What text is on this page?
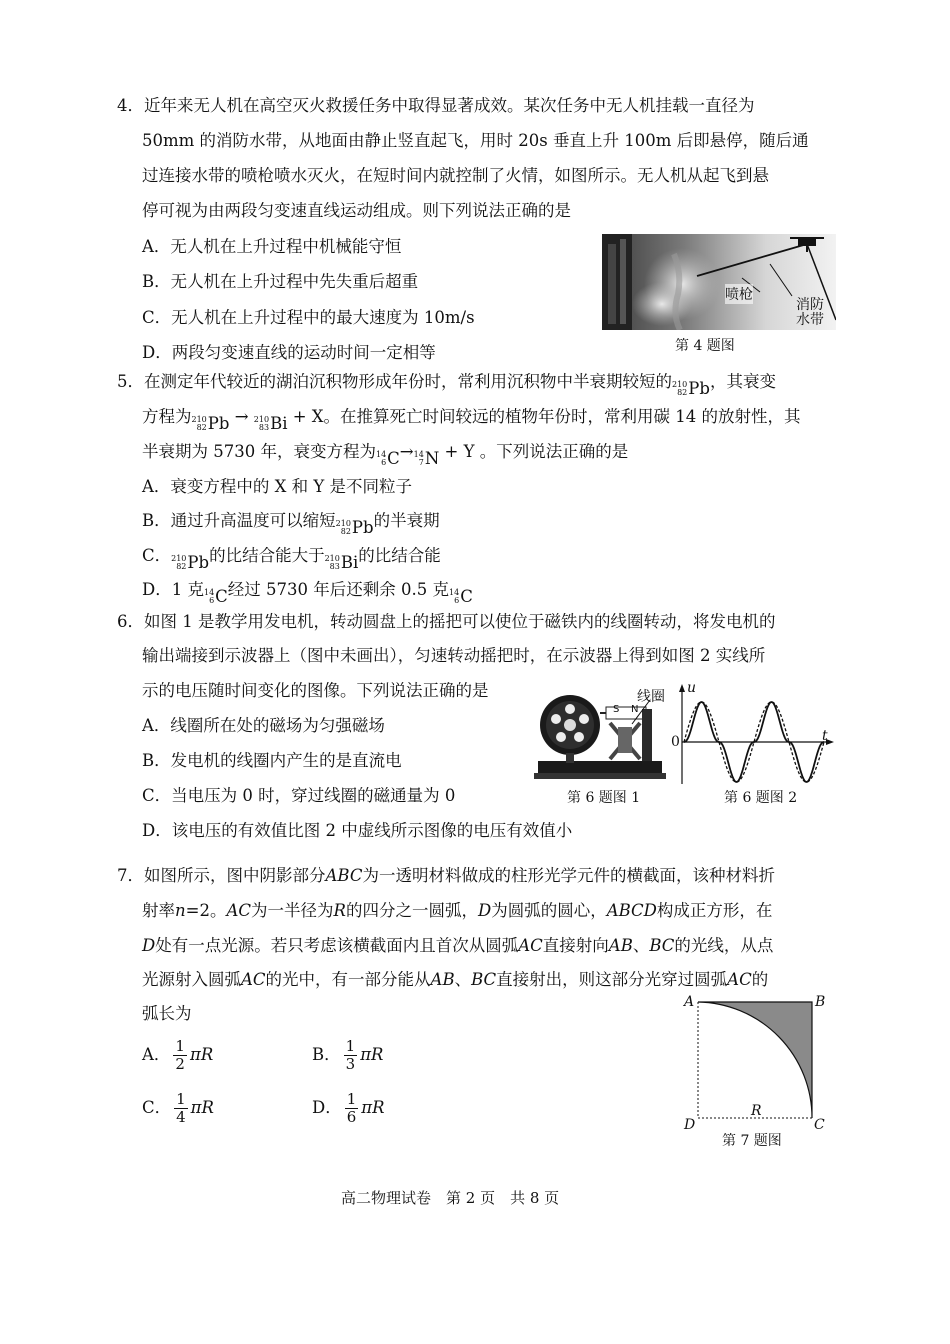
4．近年来无人机在高空灭火救援任务中取得显著成效。某次任务中无人机挂载一直径为
50mm 的消防水带，从地面由静止竖直起飞，用时 20s 垂直上升 100m 后即悬停，随后通
过连接水带的喷枪喷水灭火，在短时间内就控制了火情，如图所示。无人机从起飞到悬
停可视为由两段匀变速直线运动组成。则下列说法正确的是
A．无人机在上升过程中机械能守恒
B．无人机在上升过程中先失重后超重
C．无人机在上升过程中的最大速度为 10m/s
D．两段匀变速直线的运动时间一定相等
喷枪
消防
水带
第 4 题图
5．在测定年代较近的湖泊沉积物形成年份时，常利用沉积物中半衰期较短的 210
82 Pb ，其衰变
方程为 210
82 Pb → 210
83 Bi + X。在推算死亡时间较远的植物年份时，常利用碳 14 的放射性，其
半衰期为 5730 年，衰变方程为 14
6 C → 14
7 N + Y 。下列说法正确的是
A．衰变方程中的 X 和 Y 是不同粒子
B．通过升高温度可以缩短 210
82 Pb 的半衰期
C． 210
82 Pb 的比结合能大于 210
83 Bi 的比结合能
D．1 克 14
6 C 经过 5730 年后还剩余 0.5 克 14
6 C
6．如图 1 是教学用发电机，转动圆盘上的摇把可以使位于磁铁内的线圈转动，将发电机的
输出端接到示波器上（图中未画出），匀速转动摇把时，在示波器上得到如图 2 实线所
示的电压随时间变化的图像。下列说法正确的是
A．线圈所在处的磁场为匀强磁场
B．发电机的线圈内产生的是直流电
C．当电压为 0 时，穿过线圈的磁通量为 0
D．该电压的有效值比图 2 中虚线所示图像的电压有效值小
S N
线圈
第 6 题图 1
u
t
0
第 6 题图 2
7．如图所示，图中阴影部分ABC为一透明材料做成的柱形光学元件的横截面，该种材料折
射率n=2。AC为一半径为R的四分之一圆弧，D为圆弧的圆心，ABCD构成正方形，在
D处有一点光源。若只考虑该横截面内且首次从圆弧AC直接射向AB、BC的光线，从点
光源射入圆弧AC的光中，有一部分能从AB、BC直接射出，则这部分光穿过圆弧AC的
弧长为
A． $\frac{1}{2}$ πR	B． $\frac{1}{3}$ πR
C． $\frac{1}{4}$ πR	D． $\frac{1}{6}$ πR
A	B
C
D
R
第 7 题图
高二物理试卷　第 2 页　共 8 页
